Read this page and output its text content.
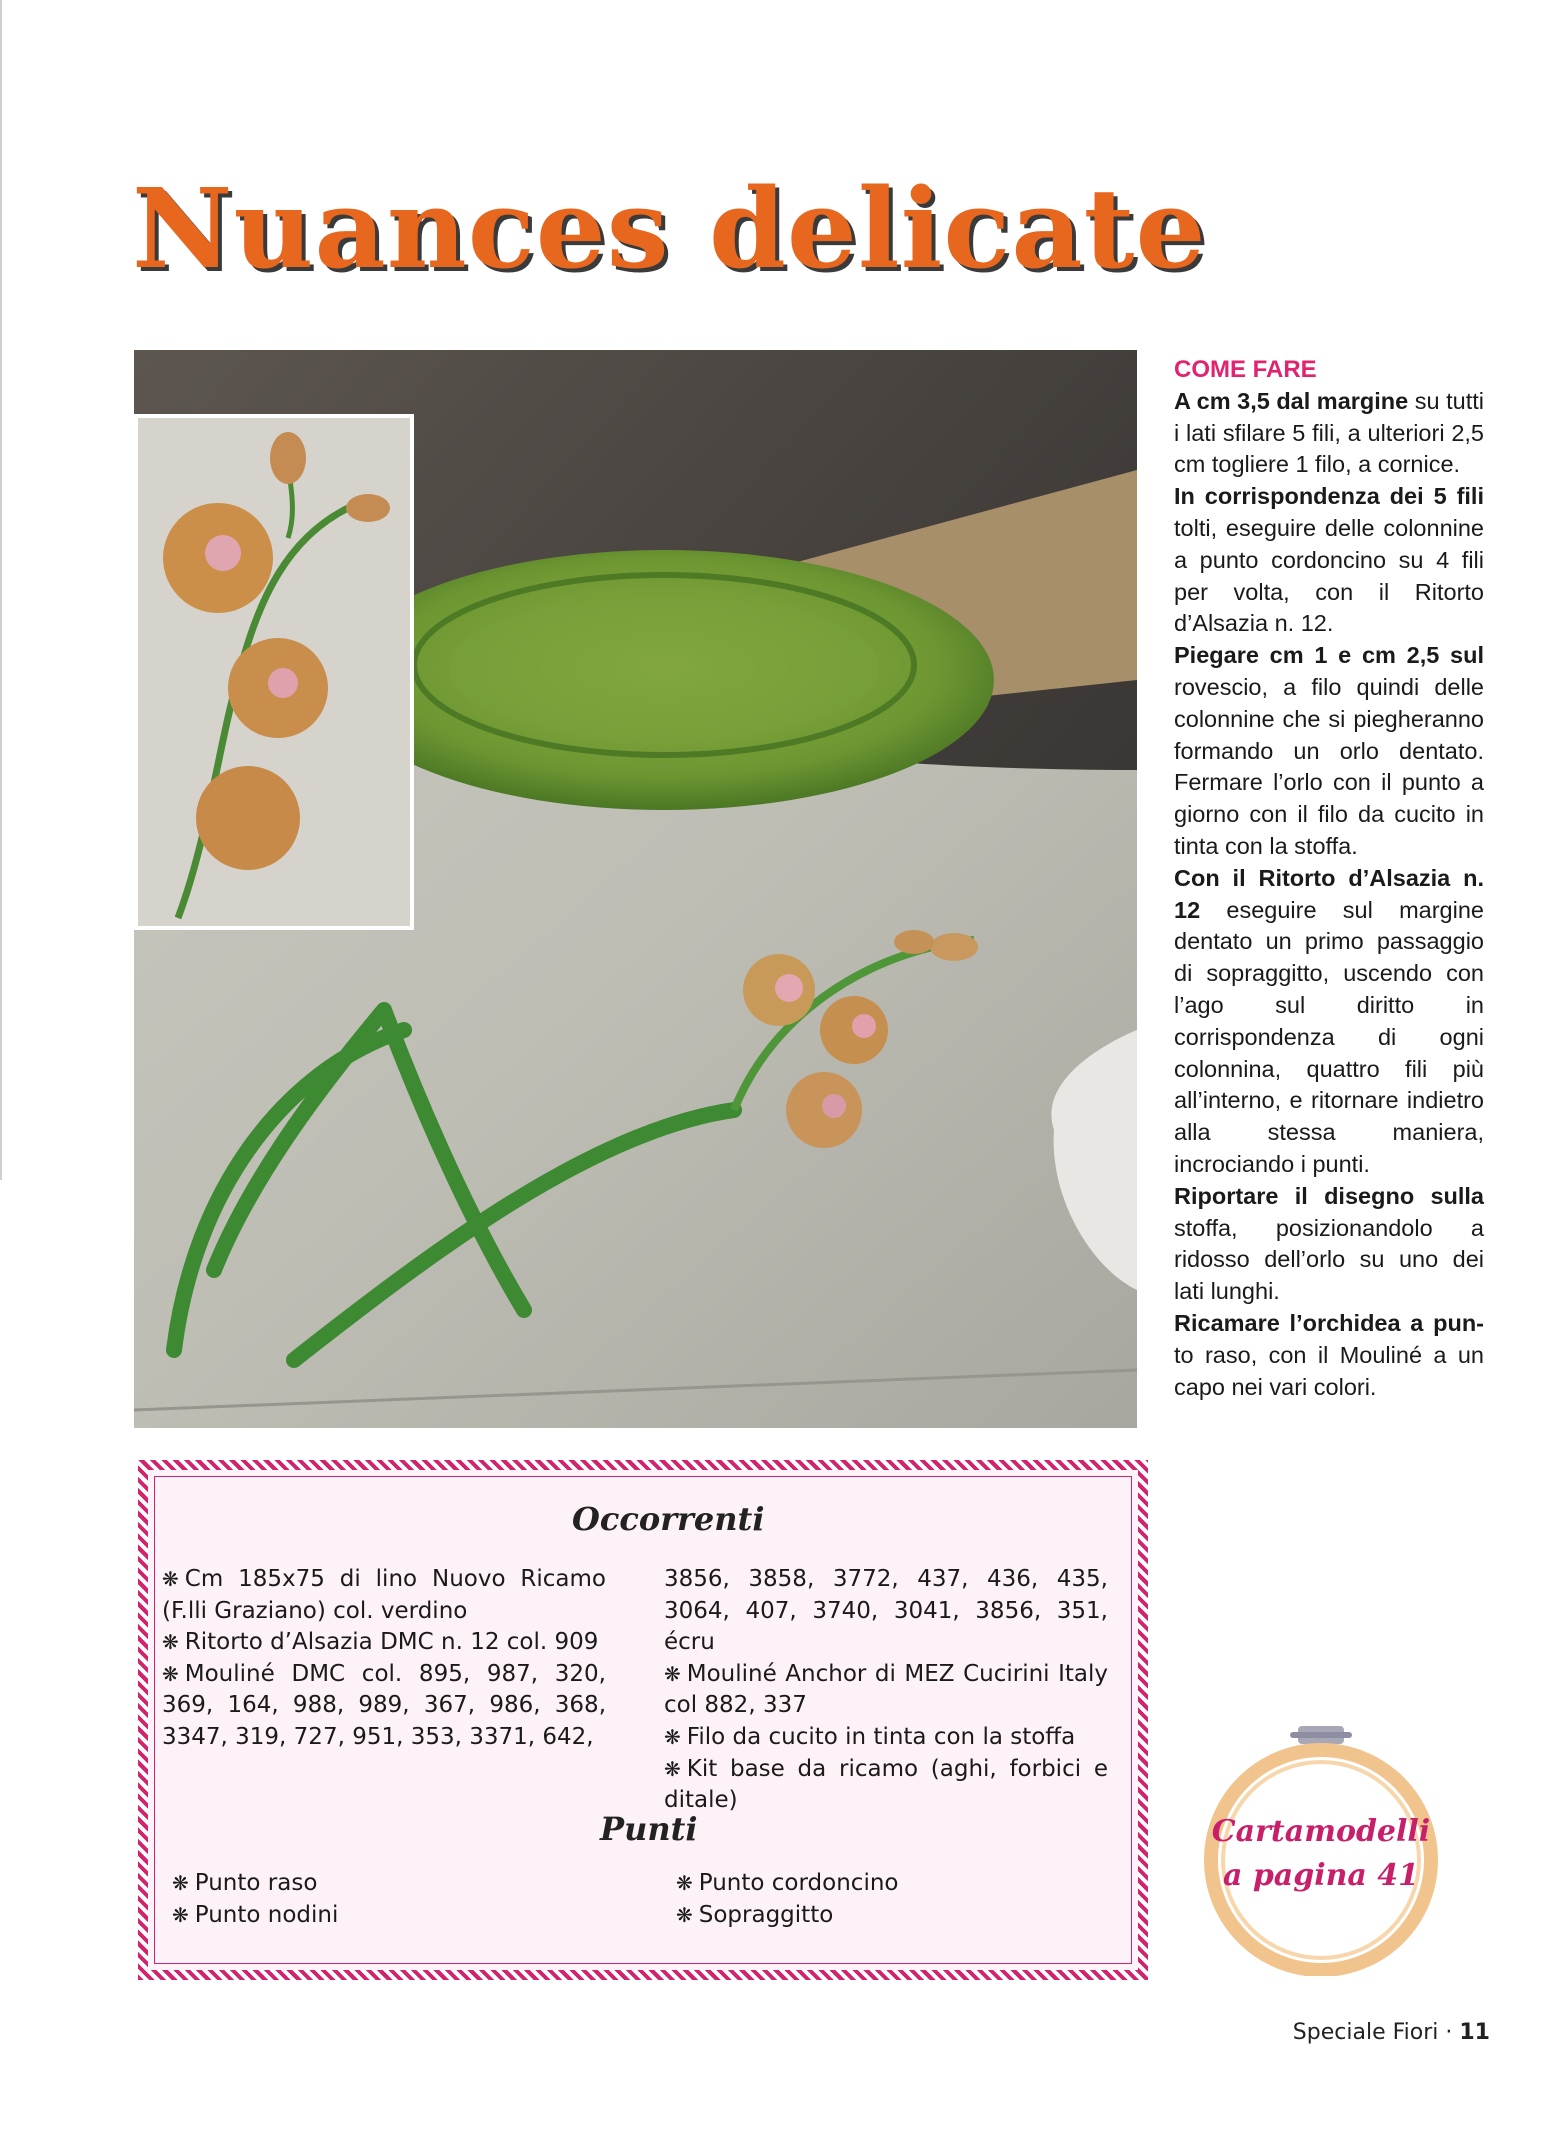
Nuances delicate

COME FARE

A cm 3,5 dal margine su tutti i lati sfilare 5 fili, a ulteriori 2,5 cm togliere 1 filo, a cornice.

In corrispondenza dei 5 fili tolti, eseguire delle colonnine a punto cordoncino su 4 fili per volta, con il Ritorto d’Alsazia n. 12.

Piegare cm 1 e cm 2,5 sul rovescio, a filo quindi delle colonnine che si piegheranno formando un orlo dentato. Fermare l’orlo con il punto a giorno con il filo da cucito in tinta con la stoffa.

Con il Ritorto d’Alsazia n. 12 eseguire sul margine dentato un primo passaggio di sopraggitto, uscendo con l’ago sul diritto in corrispondenza di ogni colonnina, quattro fili più all’interno, e ritornare indietro alla stessa maniera, incrociando i punti.

Riportare il disegno sulla stoffa, posizionandolo a ridosso dell’orlo su uno dei lati lunghi.

Ricamare l’orchidea a pun-to raso, con il Mouliné a un capo nei vari colori.

Occorrenti
❋ Cm 185x75 di lino Nuovo Ricamo (F.lli Graziano) col. verdino
❋ Ritorto d’Alsazia DMC n. 12 col. 909
❋ Mouliné DMC col. 895, 987, 320, 369, 164, 988, 989, 367, 986, 368, 3347, 319, 727, 951, 353, 3371, 642,
3856, 3858, 3772, 437, 436, 435, 3064, 407, 3740, 3041, 3856, 351, écru
❋ Mouliné Anchor di MEZ Cucirini Italy col 882, 337
❋ Filo da cucito in tinta con la stoffa
❋ Kit base da ricamo (aghi, forbici e ditale)
Punti
❋ Punto raso
❋ Punto nodini
❋ Punto cordoncino
❋ Sopraggitto
Cartamodelli
a pagina 41
Speciale Fiori · 11
